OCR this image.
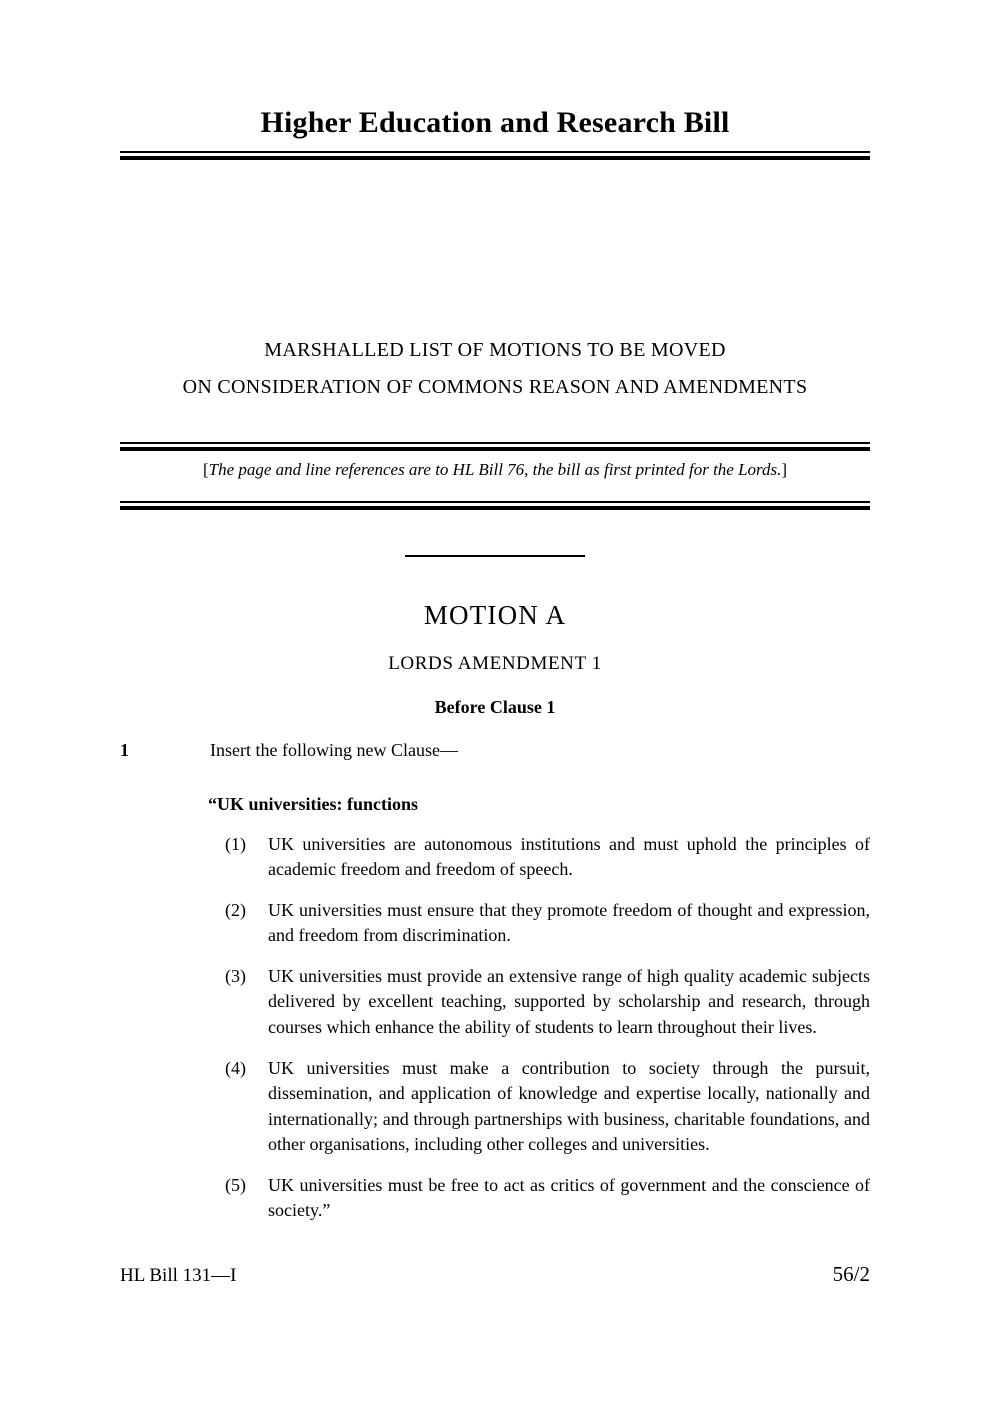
Higher Education and Research Bill
MARSHALLED LIST OF MOTIONS TO BE MOVED
ON CONSIDERATION OF COMMONS REASON AND AMENDMENTS
[The page and line references are to HL Bill 76, the bill as first printed for the Lords.]
MOTION A
LORDS AMENDMENT 1
Before Clause 1
1	Insert the following new Clause—
“UK universities: functions
(1) UK universities are autonomous institutions and must uphold the principles of academic freedom and freedom of speech.
(2) UK universities must ensure that they promote freedom of thought and expression, and freedom from discrimination.
(3) UK universities must provide an extensive range of high quality academic subjects delivered by excellent teaching, supported by scholarship and research, through courses which enhance the ability of students to learn throughout their lives.
(4) UK universities must make a contribution to society through the pursuit, dissemination, and application of knowledge and expertise locally, nationally and internationally; and through partnerships with business, charitable foundations, and other organisations, including other colleges and universities.
(5) UK universities must be free to act as critics of government and the conscience of society.”
HL Bill 131—I	56/2
